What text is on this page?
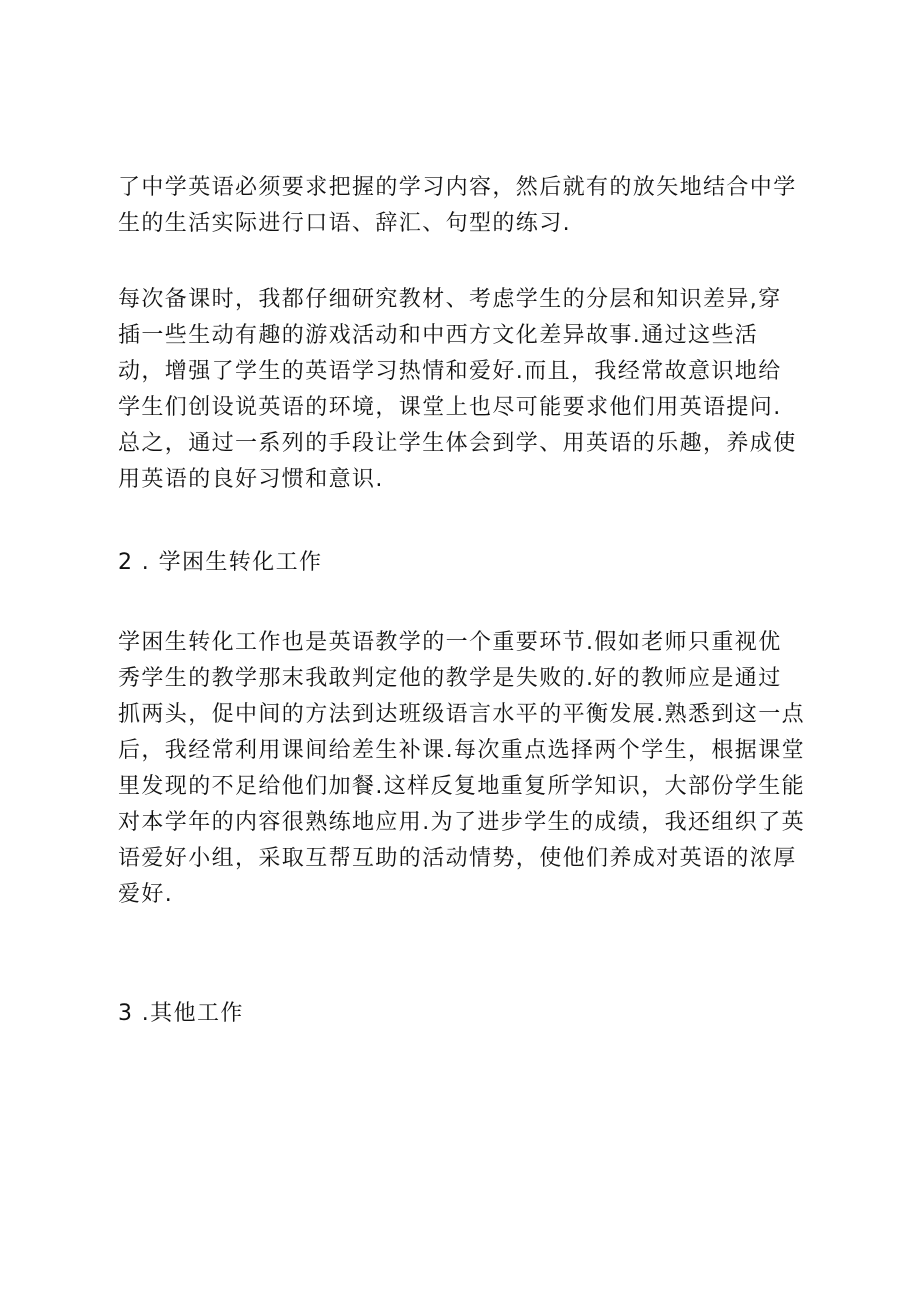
了中学英语必须要求把握的学习内容，然后就有的放矢地结合中学
生的生活实际进行口语、辞汇、句型的练习.

每次备课时，我都仔细研究教材、考虑学生的分层和知识差异,穿
插一些生动有趣的游戏活动和中西方文化差异故事.通过这些活
动，增强了学生的英语学习热情和爱好.而且，我经常故意识地给
学生们创设说英语的环境，课堂上也尽可能要求他们用英语提问.
总之，通过一系列的手段让学生体会到学、用英语的乐趣，养成使
用英语的良好习惯和意识.

2 . 学困生转化工作

学困生转化工作也是英语教学的一个重要环节.假如老师只重视优
秀学生的教学那末我敢判定他的教学是失败的.好的教师应是通过
抓两头，促中间的方法到达班级语言水平的平衡发展.熟悉到这一点
后，我经常利用课间给差生补课.每次重点选择两个学生，根据课堂
里发现的不足给他们加餐.这样反复地重复所学知识，大部份学生能
对本学年的内容很熟练地应用.为了进步学生的成绩，我还组织了英
语爱好小组，采取互帮互助的活动情势，使他们养成对英语的浓厚
爱好.

3 .其他工作
